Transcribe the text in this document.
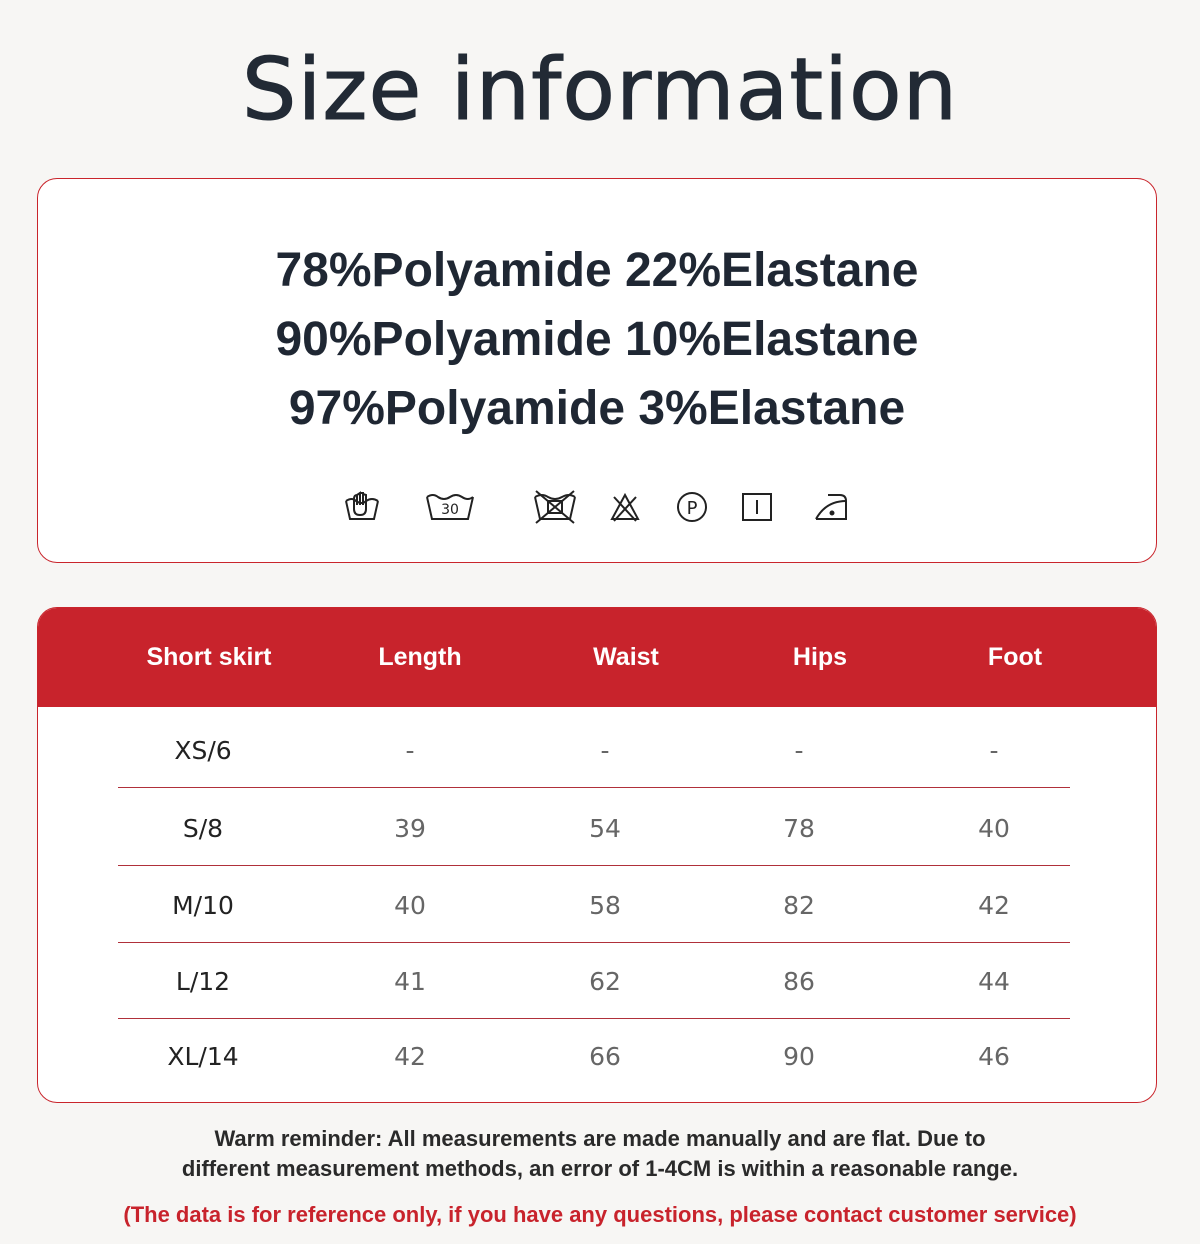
Size information
78%Polyamide 22%Elastane
90%Polyamide 10%Elastane
97%Polyamide 3%Elastane
30	P
Short skirt	Length	Waist	Hips	Foot
XS/6	-	-	-	-
S/8	39	54	78	40
M/10	40	58	82	42
L/12	41	62	86	44
XL/14	42	66	90	46
Warm reminder: All measurements are made manually and are flat. Due to
different measurement methods, an error of 1-4CM is within a reasonable range.
(The data is for reference only, if you have any questions, please contact customer service)
